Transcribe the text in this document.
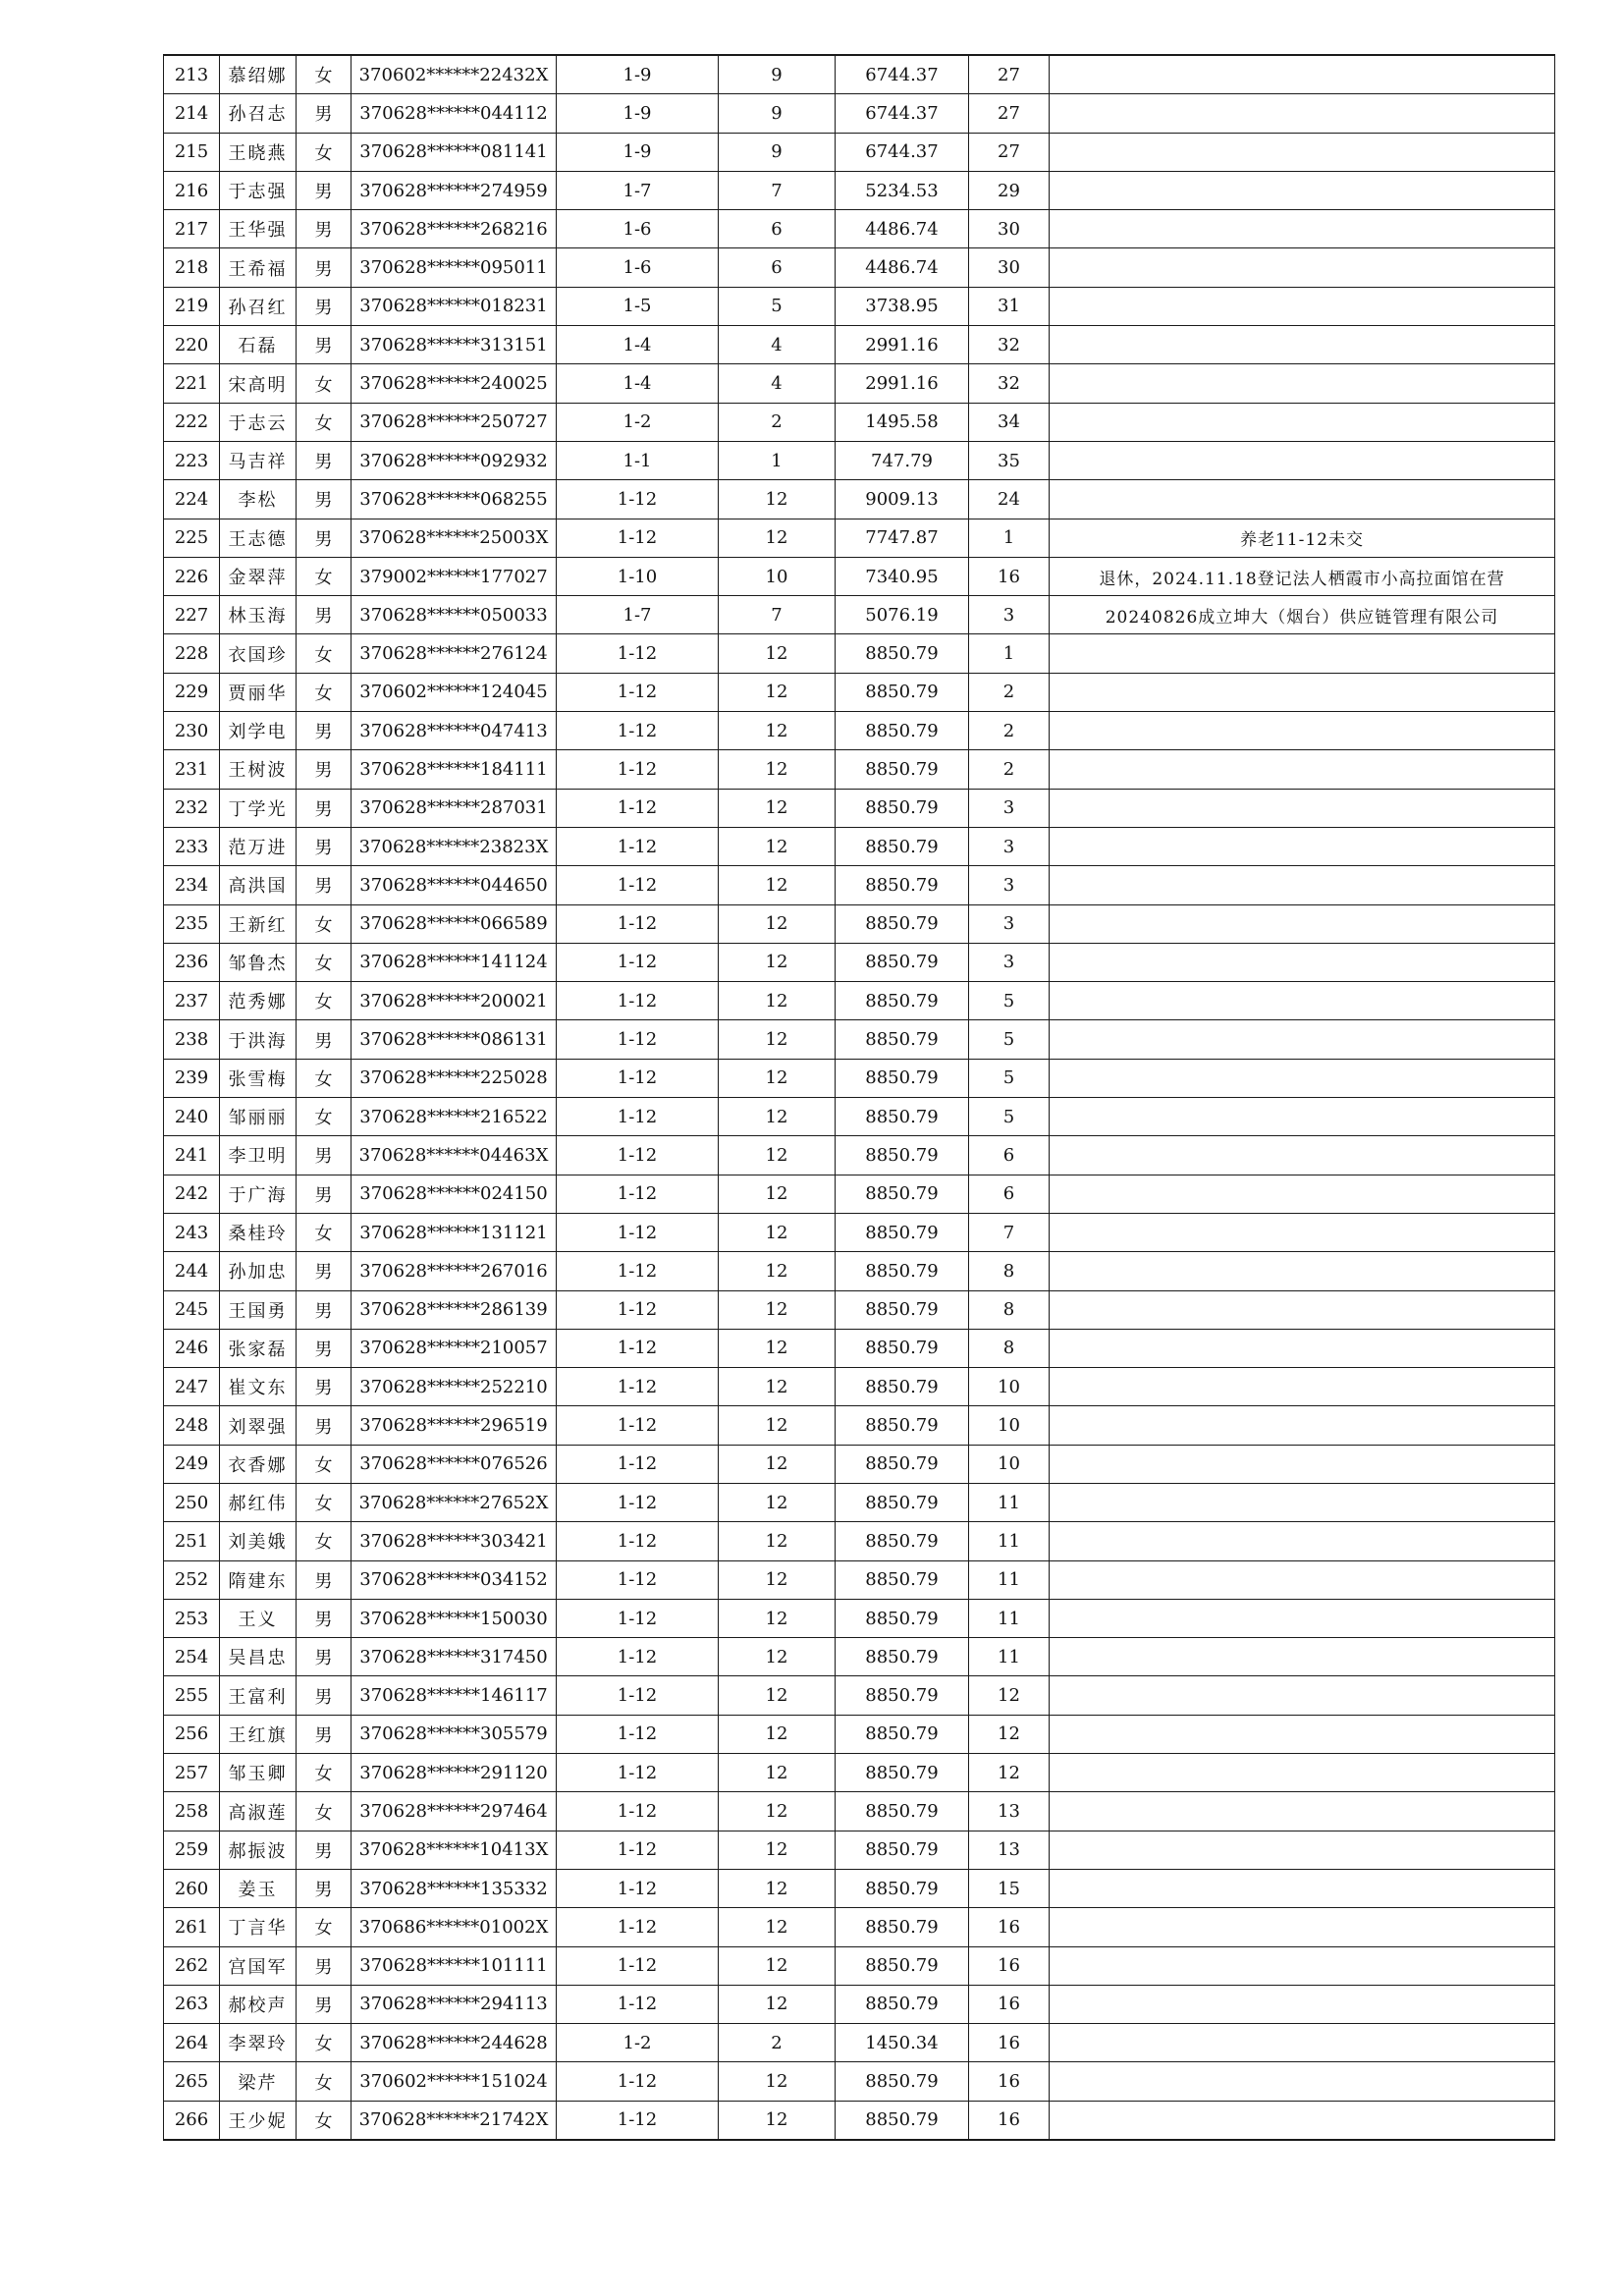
213	慕绍娜	女	370602******22432X	1-9	9	6744.37	27	
214	孙召志	男	370628******044112	1-9	9	6744.37	27	
215	王晓燕	女	370628******081141	1-9	9	6744.37	27	
216	于志强	男	370628******274959	1-7	7	5234.53	29	
217	王华强	男	370628******268216	1-6	6	4486.74	30	
218	王希福	男	370628******095011	1-6	6	4486.74	30	
219	孙召红	男	370628******018231	1-5	5	3738.95	31	
220	石磊	男	370628******313151	1-4	4	2991.16	32	
221	宋高明	女	370628******240025	1-4	4	2991.16	32	
222	于志云	女	370628******250727	1-2	2	1495.58	34	
223	马吉祥	男	370628******092932	1-1	1	747.79	35	
224	李松	男	370628******068255	1-12	12	9009.13	24	
225	王志德	男	370628******25003X	1-12	12	7747.87	1	养老11-12未交
226	金翠萍	女	379002******177027	1-10	10	7340.95	16	退休，2024.11.18登记法人栖霞市小高拉面馆在营
227	林玉海	男	370628******050033	1-7	7	5076.19	3	20240826成立坤大（烟台）供应链管理有限公司
228	衣国珍	女	370628******276124	1-12	12	8850.79	1	
229	贾丽华	女	370602******124045	1-12	12	8850.79	2	
230	刘学电	男	370628******047413	1-12	12	8850.79	2	
231	王树波	男	370628******184111	1-12	12	8850.79	2	
232	丁学光	男	370628******287031	1-12	12	8850.79	3	
233	范万进	男	370628******23823X	1-12	12	8850.79	3	
234	高洪国	男	370628******044650	1-12	12	8850.79	3	
235	王新红	女	370628******066589	1-12	12	8850.79	3	
236	邹鲁杰	女	370628******141124	1-12	12	8850.79	3	
237	范秀娜	女	370628******200021	1-12	12	8850.79	5	
238	于洪海	男	370628******086131	1-12	12	8850.79	5	
239	张雪梅	女	370628******225028	1-12	12	8850.79	5	
240	邹丽丽	女	370628******216522	1-12	12	8850.79	5	
241	李卫明	男	370628******04463X	1-12	12	8850.79	6	
242	于广海	男	370628******024150	1-12	12	8850.79	6	
243	桑桂玲	女	370628******131121	1-12	12	8850.79	7	
244	孙加忠	男	370628******267016	1-12	12	8850.79	8	
245	王国勇	男	370628******286139	1-12	12	8850.79	8	
246	张家磊	男	370628******210057	1-12	12	8850.79	8	
247	崔文东	男	370628******252210	1-12	12	8850.79	10	
248	刘翠强	男	370628******296519	1-12	12	8850.79	10	
249	衣香娜	女	370628******076526	1-12	12	8850.79	10	
250	郝红伟	女	370628******27652X	1-12	12	8850.79	11	
251	刘美娥	女	370628******303421	1-12	12	8850.79	11	
252	隋建东	男	370628******034152	1-12	12	8850.79	11	
253	王义	男	370628******150030	1-12	12	8850.79	11	
254	吴昌忠	男	370628******317450	1-12	12	8850.79	11	
255	王富利	男	370628******146117	1-12	12	8850.79	12	
256	王红旗	男	370628******305579	1-12	12	8850.79	12	
257	邹玉卿	女	370628******291120	1-12	12	8850.79	12	
258	高淑莲	女	370628******297464	1-12	12	8850.79	13	
259	郝振波	男	370628******10413X	1-12	12	8850.79	13	
260	姜玉	男	370628******135332	1-12	12	8850.79	15	
261	丁言华	女	370686******01002X	1-12	12	8850.79	16	
262	宫国军	男	370628******101111	1-12	12	8850.79	16	
263	郝校声	男	370628******294113	1-12	12	8850.79	16	
264	李翠玲	女	370628******244628	1-2	2	1450.34	16	
265	梁芹	女	370602******151024	1-12	12	8850.79	16	
266	王少妮	女	370628******21742X	1-12	12	8850.79	16	
